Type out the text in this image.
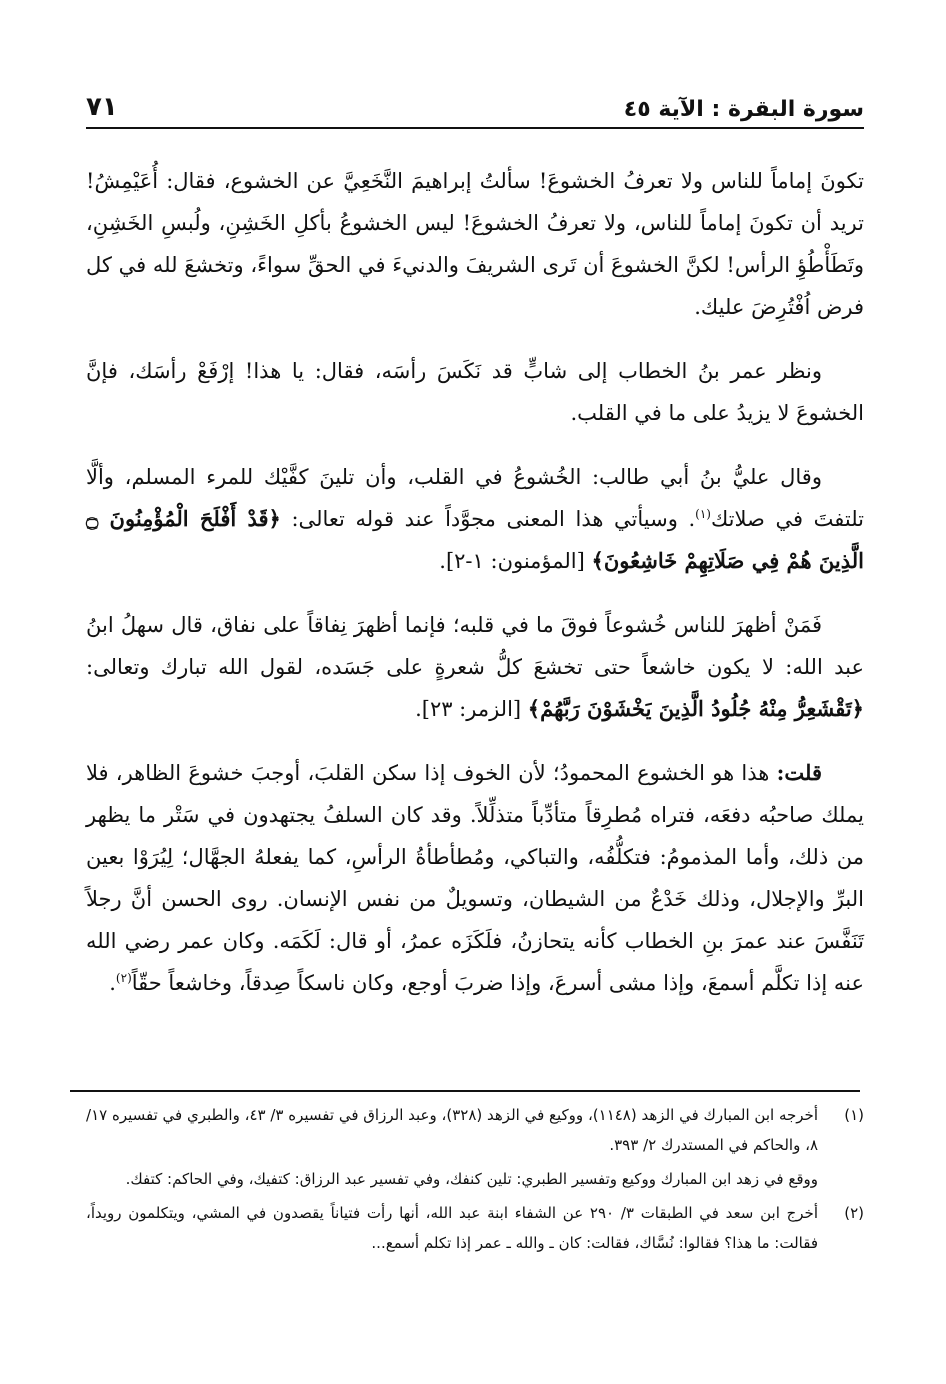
سورة البقرة : الآية ٤٥
٧١

تكونَ إماماً للناس ولا تعرفُ الخشوعَ! سألتُ إبراهيمَ النَّخَعِيَّ عن الخشوع، فقال: أُعَيْمِشُ! تريد أن تكونَ إماماً للناس، ولا تعرفُ الخشوعَ! ليس الخشوعُ بأكلِ الخَشِنِ، ولُبسِ الخَشِنِ، وتَطَأْطُؤِ الرأس! لكنَّ الخشوعَ أن تَرى الشريفَ والدنيءَ في الحقِّ سواءً، وتخشعَ لله في كل فرض اُفْتُرِضَ عليك.

ونظر عمر بنُ الخطاب إلى شابٍّ قد نَكَسَ رأسَه، فقال: يا هذا! إرْفَعْ رأسَك، فإنَّ الخشوعَ لا يزيدُ على ما في القلب.

وقال عليُّ بنُ أبي طالب: الخُشوعُ في القلب، وأن تلينَ كفَّيْك للمرء المسلم، وألَّا تلتفتَ في صلاتك$^{(١)}$. وسيأتي هذا المعنى مجوَّداً عند قوله تعالى: ﴿قَدْ أَفْلَحَ الْمُؤْمِنُونَ ۝ الَّذِينَ هُمْ فِي صَلَاتِهِمْ خَاشِعُونَ﴾ [المؤمنون: ١-٢].

فَمَنْ أظهرَ للناس خُشوعاً فوقَ ما في قلبه؛ فإنما أظهرَ نِفاقاً على نفاق، قال سهلُ ابنُ عبد الله: لا يكون خاشعاً حتى تخشعَ كلُّ شعرةٍ على جَسَده، لقول الله تبارك وتعالى: ﴿تَقْشَعِرُّ مِنْهُ جُلُودُ الَّذِينَ يَخْشَوْنَ رَبَّهُمْ﴾ [الزمر: ٢٣].

قلت: هذا هو الخشوع المحمودُ؛ لأن الخوف إذا سكن القلبَ، أوجبَ خشوعَ الظاهر، فلا يملك صاحبُه دفعَه، فتراه مُطرِقاً متأدِّباً متذلِّلاً. وقد كان السلفُ يجتهدون في سَتْر ما يظهر من ذلك، وأما المذمومُ: فتكلُّفُه، والتباكي، ومُطأطأةُ الرأسِ، كما يفعلهُ الجهَّال؛ لِيُرَوْا بعين البرِّ والإجلال، وذلك خَدْعٌ من الشيطان، وتسويلٌ من نفس الإنسان. روى الحسن أنَّ رجلاً تَنَفَّسَ عند عمرَ بنِ الخطاب كأنه يتحازنُ، فلَكَزَه عمرُ، أو قال: لَكَمَه. وكان عمر رضي الله عنه إذا تكلَّم أسمعَ، وإذا مشى أسرعَ، وإذا ضربَ أوجع، وكان ناسكاً صِدقاً، وخاشعاً حقّاً$^{(٢)}$.

(١)
أخرجه ابن المبارك في الزهد (١١٤٨)، ووكيع في الزهد (٣٢٨)، وعبد الرزاق في تفسيره ٣/ ٤٣، والطبري في تفسيره ١٧/ ٨، والحاكم في المستدرك ٢/ ٣٩٣.
ووقع في زهد ابن المبارك ووكيع وتفسير الطبري: تلين كنفك، وفي تفسير عبد الرزاق: كتفيك، وفي الحاكم: كتفك.
(٢)
أخرج ابن سعد في الطبقات ٣/ ٢٩٠ عن الشفاء ابنة عبد الله، أنها رأت فتياناً يقصدون في المشي، ويتكلمون رويداً، فقالت: ما هذا؟ فقالوا: نُسَّاك، فقالت: كان ـ والله ـ عمر إذا تكلم أسمع...
